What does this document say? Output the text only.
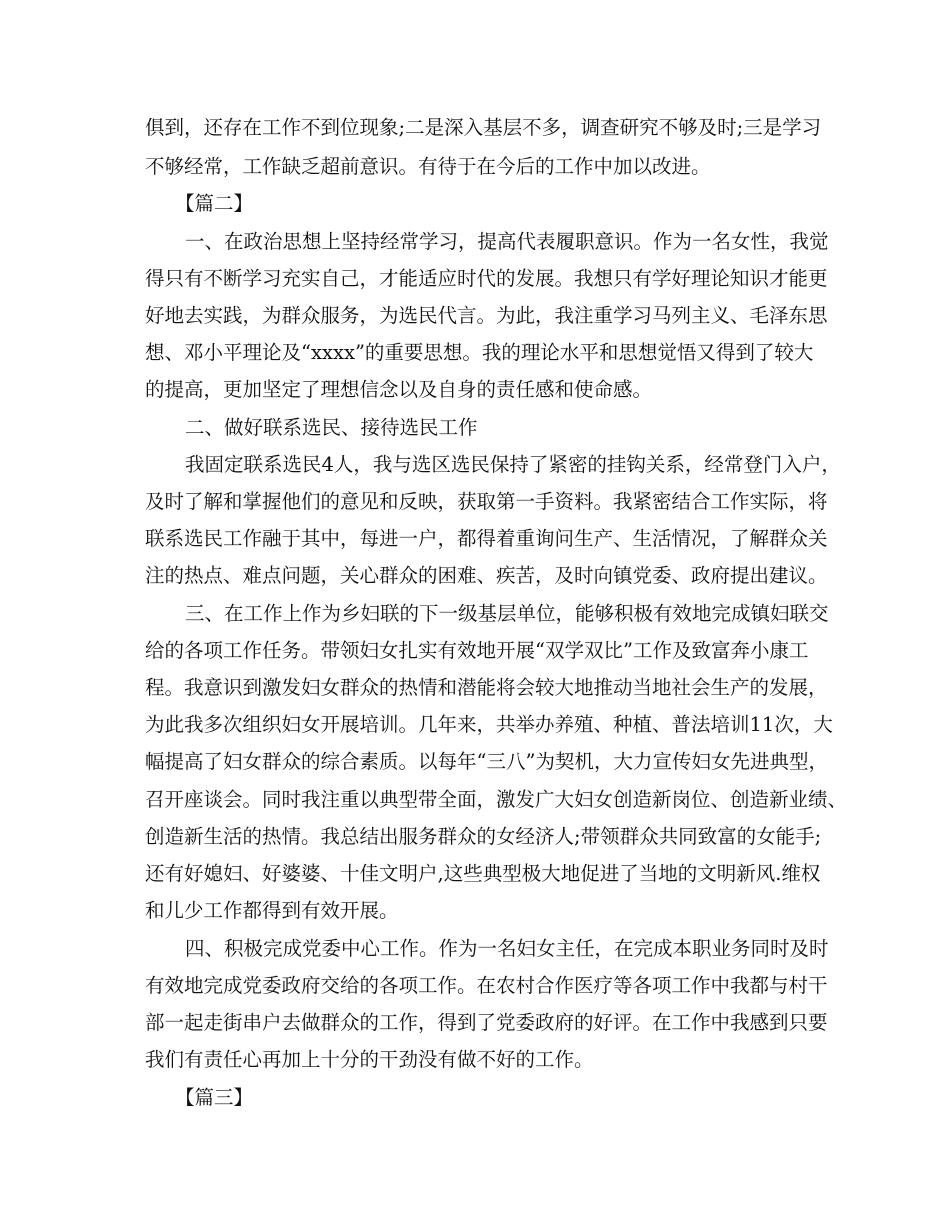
俱到，还存在工作不到位现象;二是深入基层不多，调查研究不够及时;三是学习
不够经常，工作缺乏超前意识。有待于在今后的工作中加以改进。
【篇二】
一、在政治思想上坚持经常学习，提高代表履职意识。作为一名女性，我觉
得只有不断学习充实自己，才能适应时代的发展。我想只有学好理论知识才能更
好地去实践，为群众服务，为选民代言。为此，我注重学习马列主义、毛泽东思
想、邓小平理论及“xxxx”的重要思想。我的理论水平和思想觉悟又得到了较大
的提高，更加坚定了理想信念以及自身的责任感和使命感。
二、做好联系选民、接待选民工作
我固定联系选民4人，我与选区选民保持了紧密的挂钩关系，经常登门入户，
及时了解和掌握他们的意见和反映，获取第一手资料。我紧密结合工作实际，将
联系选民工作融于其中，每进一户，都得着重询问生产、生活情况，了解群众关
注的热点、难点问题，关心群众的困难、疾苦，及时向镇党委、政府提出建议。
三、在工作上作为乡妇联的下一级基层单位，能够积极有效地完成镇妇联交
给的各项工作任务。带领妇女扎实有效地开展“双学双比”工作及致富奔小康工
程。我意识到激发妇女群众的热情和潜能将会较大地推动当地社会生产的发展，
为此我多次组织妇女开展培训。几年来，共举办养殖、种植、普法培训11次，大
幅提高了妇女群众的综合素质。以每年“三八”为契机，大力宣传妇女先进典型，
召开座谈会。同时我注重以典型带全面，激发广大妇女创造新岗位、创造新业绩、
创造新生活的热情。我总结出服务群众的女经济人;带领群众共同致富的女能手;
还有好媳妇、好婆婆、十佳文明户,这些典型极大地促进了当地的文明新风.维权
和儿少工作都得到有效开展。
四、积极完成党委中心工作。作为一名妇女主任，在完成本职业务同时及时
有效地完成党委政府交给的各项工作。在农村合作医疗等各项工作中我都与村干
部一起走街串户去做群众的工作，得到了党委政府的好评。在工作中我感到只要
我们有责任心再加上十分的干劲没有做不好的工作。
【篇三】
